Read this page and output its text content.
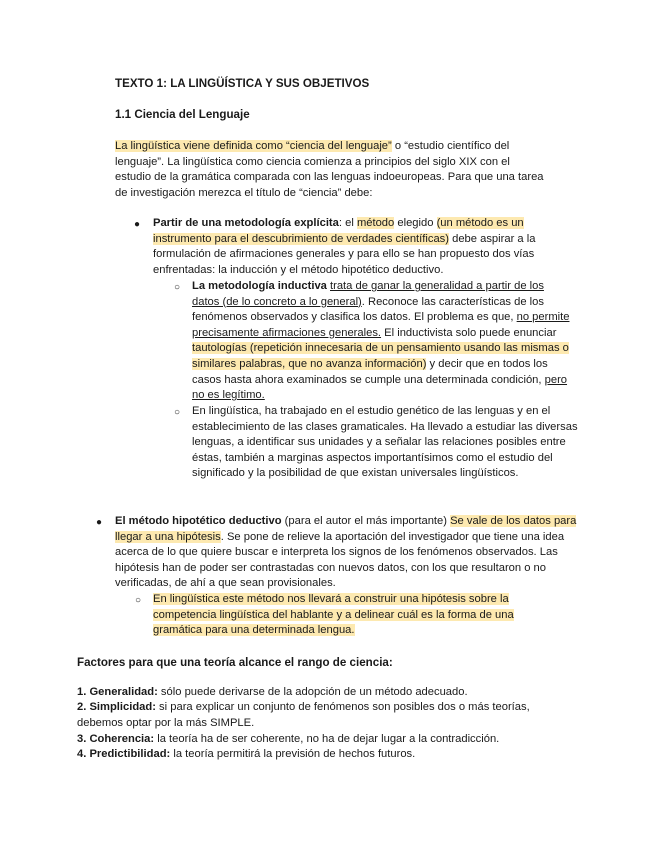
TEXTO 1: LA LINGÜÍSTICA Y SUS OBJETIVOS
1.1 Ciencia del Lenguaje

La lingüística viene definida como “ciencia del lenguaje” o “estudio científico del lenguaje”. La lingüística como ciencia comienza a principios del siglo XIX con el estudio de la gramática comparada con las lenguas indoeuropeas. Para que una tarea de investigación merezca el título de “ciencia” debe:

● Partir de una metodología explícita: el método elegido (un método es un instrumento para el descubrimiento de verdades científicas) debe aspirar a la formulación de afirmaciones generales y para ello se han propuesto dos vías enfrentadas: la inducción y el método hipotético deductivo.

○ La metodología inductiva trata de ganar la generalidad a partir de los datos (de lo concreto a lo general). Reconoce las características de los fenómenos observados y clasifica los datos. El problema es que, no permite precisamente afirmaciones generales. El inductivista solo puede enunciar tautologías (repetición innecesaria de un pensamiento usando las mismas o similares palabras, que no avanza información) y decir que en todos los casos hasta ahora examinados se cumple una determinada condición, pero no es legítimo.

○ En lingüística, ha trabajado en el estudio genético de las lenguas y en el establecimiento de las clases gramaticales. Ha llevado a estudiar las diversas lenguas, a identificar sus unidades y a señalar las relaciones posibles entre éstas, también a marginas aspectos importantísimos como el estudio del significado y la posibilidad de que existan universales lingüísticos.

● El método hipotético deductivo (para el autor el más importante) Se vale de los datos para llegar a una hipótesis. Se pone de relieve la aportación del investigador que tiene una idea acerca de lo que quiere buscar e interpreta los signos de los fenómenos observados. Las hipótesis han de poder ser contrastadas con nuevos datos, con los que resultaron o no verificadas, de ahí a que sean provisionales.

○ En lingüística este método nos llevará a construir una hipótesis sobre la competencia lingüística del hablante y a delinear cuál es la forma de una gramática para una determinada lengua.

Factores para que una teoría alcance el rango de ciencia:

1. Generalidad: sólo puede derivarse de la adopción de un método adecuado.

2. Simplicidad: si para explicar un conjunto de fenómenos son posibles dos o más teorías, debemos optar por la más SIMPLE.

3. Coherencia: la teoría ha de ser coherente, no ha de dejar lugar a la contradicción.

4. Predictibilidad: la teoría permitirá la previsión de hechos futuros.
